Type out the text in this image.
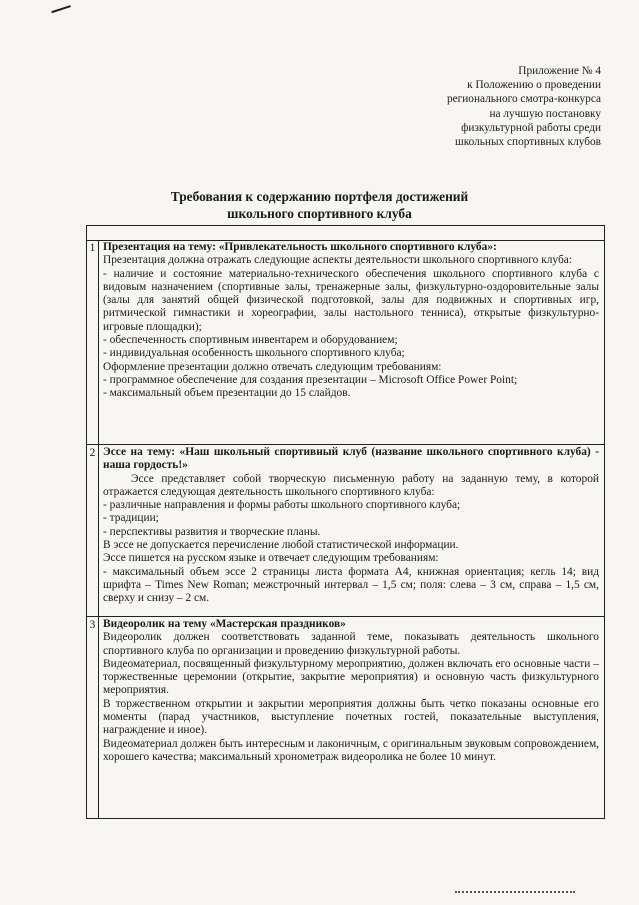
Приложение № 4
к Положению о проведении
регионального смотра-конкурса
на лучшую постановку
физкультурной работы среди
школьных спортивных клубов
Требования к содержанию портфеля достижений
школьного спортивного клуба
1 Презентация на тему: «Привлекательность школьного спортивного клуба»:

Презентация должна отражать следующие аспекты деятельности школьного спортивного клуба:

- наличие и состояние материально-технического обеспечения школьного спортивного клуба с видовым назначением (спортивные залы, тренажерные залы, физкультурно-оздоровительные залы (залы для занятий общей физической подготовкой, залы для подвижных и спортивных игр, ритмической гимнастики и хореографии, залы настольного тенниса), открытые физкультурно-игровые площадки);

- обеспеченность спортивным инвентарем и оборудованием;

- индивидуальная особенность школьного спортивного клуба;

Оформление презентации должно отвечать следующим требованиям:

- программное обеспечение для создания презентации – Microsoft Office Power Point;

- максимальный объем презентации до 15 слайдов.

2 Эссе на тему: «Наш школьный спортивный клуб (название школьного спортивного клуба) - наша гордость!»

Эссе представляет собой творческую письменную работу на заданную тему, в которой отражается следующая деятельность школьного спортивного клуба:

- различные направления и формы работы школьного спортивного клуба;

- традиции;

- перспективы развития и творческие планы.

В эссе не допускается перечисление любой статистической информации.

Эссе пишется на русском языке и отвечает следующим требованиям:

- максимальный объем эссе 2 страницы листа формата А4, книжная ориентация; кегль 14; вид шрифта – Times New Roman; межстрочный интервал – 1,5 см; поля: слева – 3 см, справа – 1,5 см, сверху и снизу – 2 см.

3 Видеоролик на тему «Мастерская праздников»

Видеоролик должен соответствовать заданной теме, показывать деятельность школьного спортивного клуба по организации и проведению физкультурной работы.

Видеоматериал, посвященный физкультурному мероприятию, должен включать его основные части – торжественные церемонии (открытие, закрытие мероприятия) и основную часть физкультурного мероприятия.

В торжественном открытии и закрытии мероприятия должны быть четко показаны основные его моменты (парад участников, выступление почетных гостей, показательные выступления, награждение и иное).

Видеоматериал должен быть интересным и лаконичным, с оригинальным звуковым сопровождением, хорошего качества; максимальный хронометраж видеоролика не более 10 минут.
